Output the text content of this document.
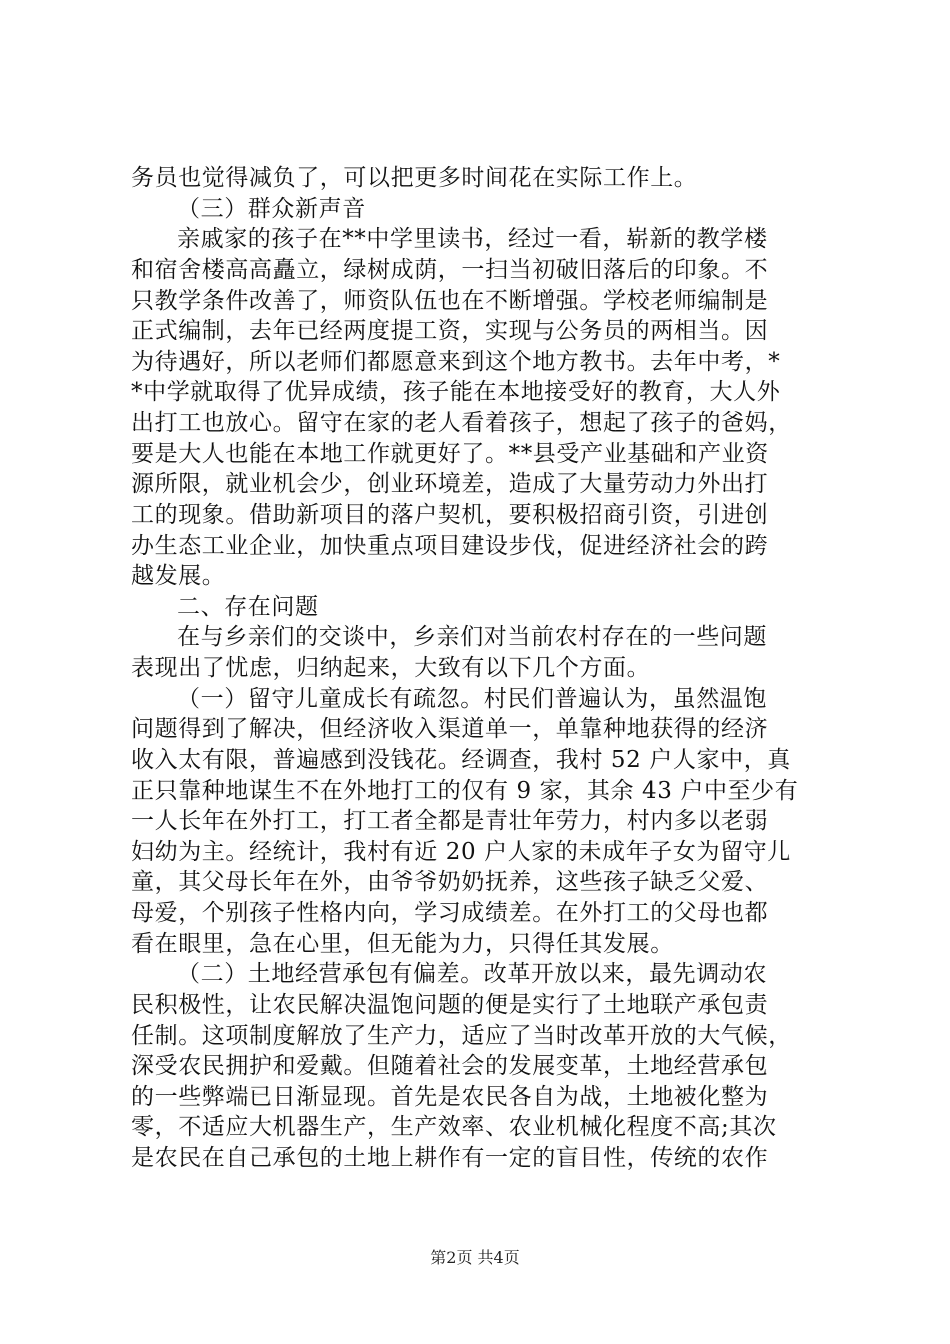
务员也觉得减负了，可以把更多时间花在实际工作上。
（三）群众新声音
亲戚家的孩子在**中学里读书，经过一看，崭新的教学楼
和宿舍楼高高矗立，绿树成荫，一扫当初破旧落后的印象。不
只教学条件改善了，师资队伍也在不断增强。学校老师编制是
正式编制，去年已经两度提工资，实现与公务员的两相当。因
为待遇好，所以老师们都愿意来到这个地方教书。去年中考，*
*中学就取得了优异成绩，孩子能在本地接受好的教育，大人外
出打工也放心。留守在家的老人看着孩子，想起了孩子的爸妈，
要是大人也能在本地工作就更好了。**县受产业基础和产业资
源所限，就业机会少，创业环境差，造成了大量劳动力外出打
工的现象。借助新项目的落户契机，要积极招商引资，引进创
办生态工业企业，加快重点项目建设步伐，促进经济社会的跨
越发展。
二、存在问题
在与乡亲们的交谈中，乡亲们对当前农村存在的一些问题
表现出了忧虑，归纳起来，大致有以下几个方面。
（一）留守儿童成长有疏忽。村民们普遍认为，虽然温饱
问题得到了解决，但经济收入渠道单一，单靠种地获得的经济
收入太有限，普遍感到没钱花。经调查，我村 52 户人家中，真
正只靠种地谋生不在外地打工的仅有 9 家，其余 43 户中至少有
一人长年在外打工，打工者全都是青壮年劳力，村内多以老弱
妇幼为主。经统计，我村有近 20 户人家的未成年子女为留守儿
童，其父母长年在外，由爷爷奶奶抚养，这些孩子缺乏父爱、
母爱，个别孩子性格内向，学习成绩差。在外打工的父母也都
看在眼里，急在心里，但无能为力，只得任其发展。
（二）土地经营承包有偏差。改革开放以来，最先调动农
民积极性，让农民解决温饱问题的便是实行了土地联产承包责
任制。这项制度解放了生产力，适应了当时改革开放的大气候，
深受农民拥护和爱戴。但随着社会的发展变革，土地经营承包
的一些弊端已日渐显现。首先是农民各自为战，土地被化整为
零，不适应大机器生产，生产效率、农业机械化程度不高;其次
是农民在自己承包的土地上耕作有一定的盲目性，传统的农作
第2页 共4页
